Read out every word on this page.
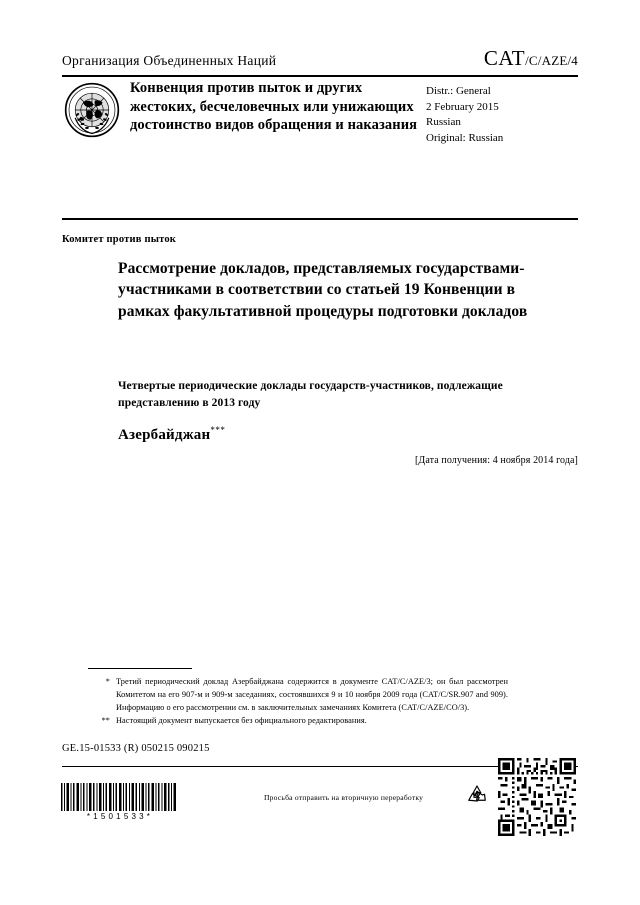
Организация Объединенных Наций	CAT/C/AZE/4
Конвенция против пыток и других жестоких, бесчеловечных или унижающих достоинство видов обращения и наказания
Distr.: General
2 February 2015
Russian
Original: Russian
Комитет против пыток
Рассмотрение докладов, представляемых государствами-участниками в соответствии со статьей 19 Конвенции в рамках факультативной процедуры подготовки докладов
Четвертые периодические доклады государств-участников, подлежащие представлению в 2013 году
Азербайджан***
[Дата получения: 4 ноября 2014 года]
* Третий периодический доклад Азербайджана содержится в документе CAT/C/AZE/3; он был рассмотрен Комитетом на его 907-м и 909-м заседаниях, состоявшихся 9 и 10 ноября 2009 года (CAT/C/SR.907 and 909). Информацию о его рассмотрении см. в заключительных замечаниях Комитета (CAT/C/AZE/CO/3).
** Настоящий документ выпускается без официального редактирования.
GE.15-01533 (R) 050215 090215
*1501533*
Просьба отправить на вторичную переработку
